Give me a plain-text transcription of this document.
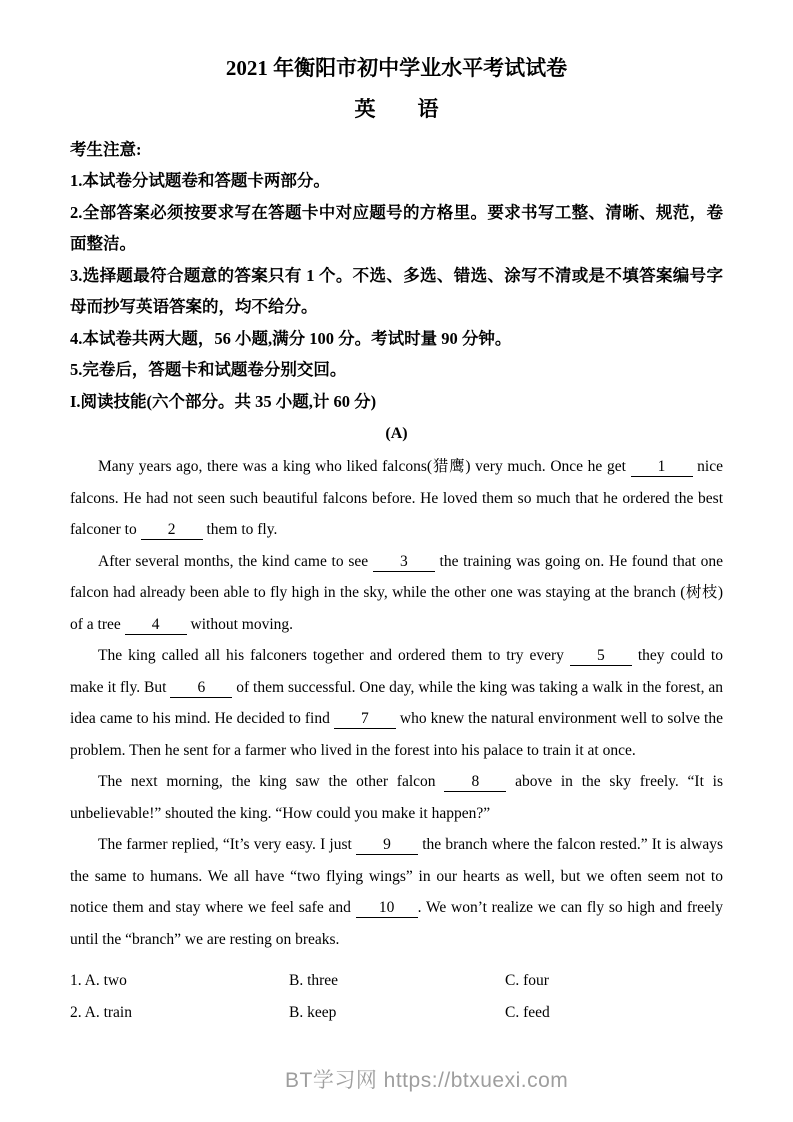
2021 年衡阳市初中学业水平考试试卷
英　　语

考生注意:

1.本试卷分试题卷和答题卡两部分。

2.全部答案必须按要求写在答题卡中对应题号的方格里。要求书写工整、清晰、规范，卷面整洁。

3.选择题最符合题意的答案只有 1 个。不选、多选、错选、涂写不清或是不填答案编号字母而抄写英语答案的，均不给分。

4.本试卷共两大题，56 小题,满分 100 分。考试时量 90 分钟。

5.完卷后，答题卡和试题卷分别交回。

I.阅读技能(六个部分。共 35 小题,计 60 分)

(A)

Many years ago, there was a king who liked falcons(猎鹰) very much. Once he get 1 nice falcons. He had not seen such beautiful falcons before. He loved them so much that he ordered the best falconer to 2 them to fly.

After several months, the kind came to see 3 the training was going on. He found that one falcon had already been able to fly high in the sky, while the other one was staying at the branch (树枝) of a tree 4 without moving.

The king called all his falconers together and ordered them to try every 5 they could to make it fly. But 6 of them successful. One day, while the king was taking a walk in the forest, an idea came to his mind. He decided to find 7 who knew the natural environment well to solve the problem. Then he sent for a farmer who lived in the forest into his palace to train it at once.

The next morning, the king saw the other falcon 8 above in the sky freely. “It is unbelievable!” shouted the king. “How could you make it happen?”

The farmer replied, “It’s very easy. I just 9 the branch where the falcon rested.” It is always the same to humans. We all have “two flying wings” in our hearts as well, but we often seem not to notice them and stay where we feel safe and 10 . We won’t realize we can fly so high and freely until the “branch” we are resting on breaks.

1. A. two	B. three	C. four
2. A. train	B. keep	C. feed
BT学习网 https://btxuexi.com
